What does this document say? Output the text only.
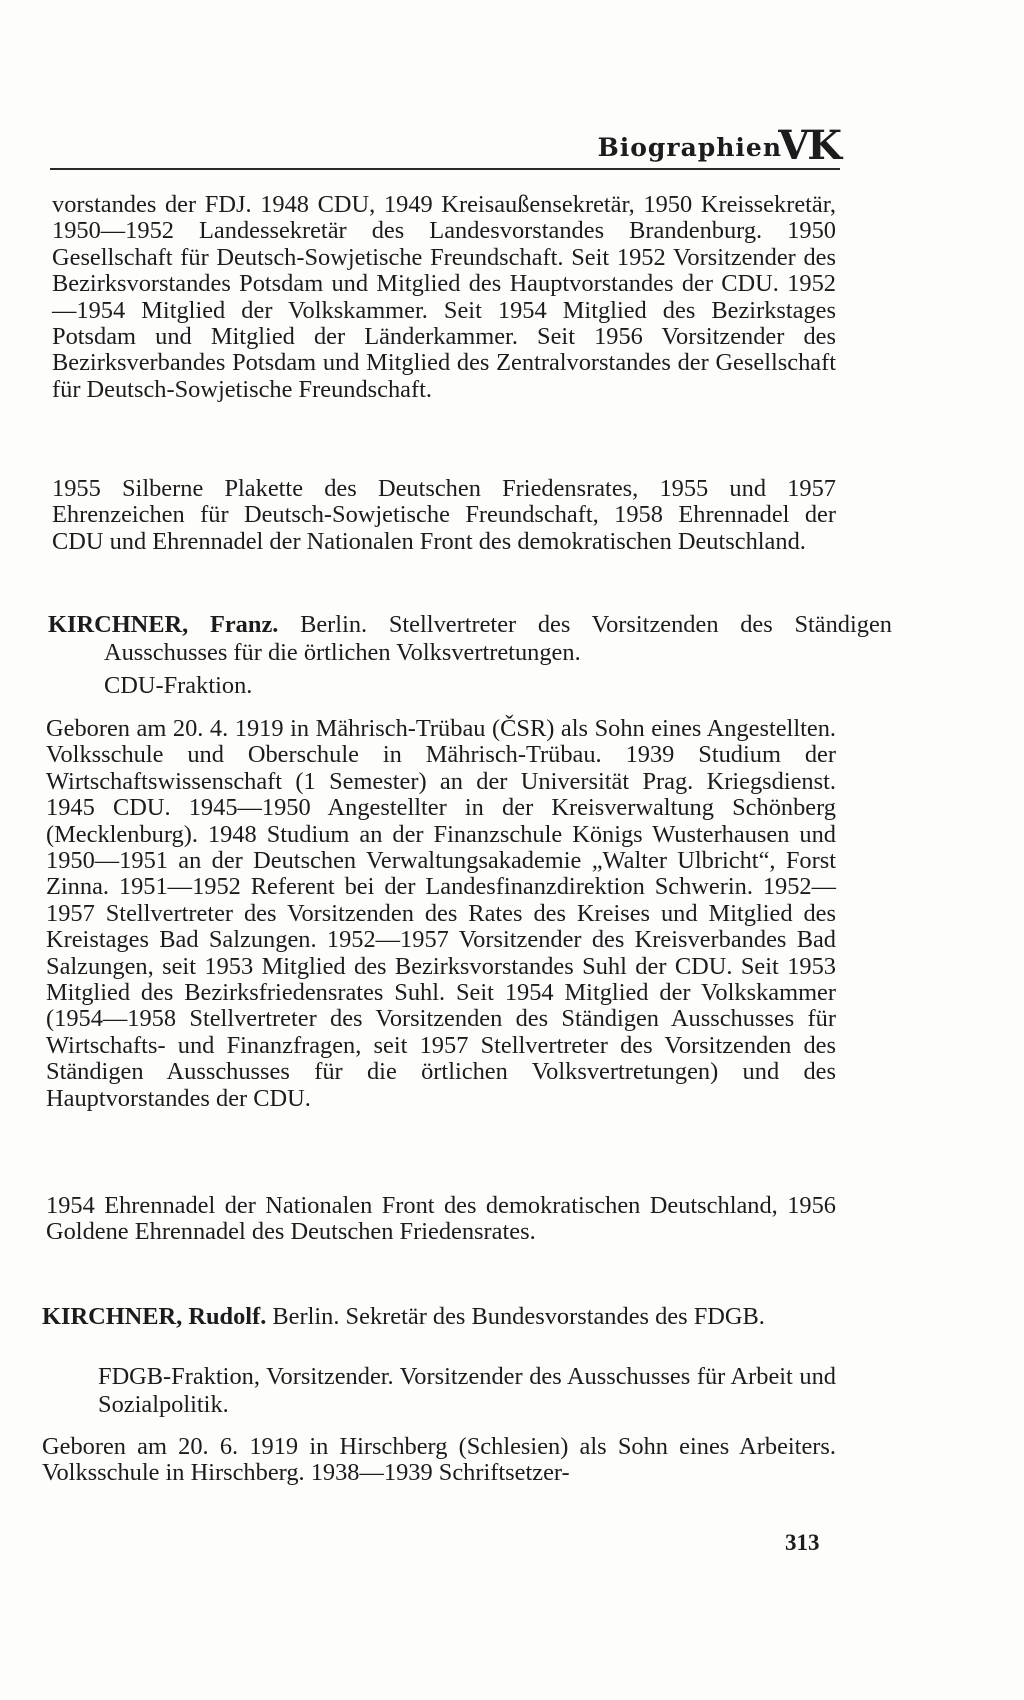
Biographien
VK

vorstandes der FDJ. 1948 CDU, 1949 Kreisaußensekretär, 1950 Kreissekretär, 1950—1952 Landessekretär des Landesvorstandes Brandenburg. 1950 Gesellschaft für Deutsch-Sowjetische Freundschaft. Seit 1952 Vorsitzender des Bezirksvorstandes Potsdam und Mitglied des Hauptvorstandes der CDU. 1952—1954 Mitglied der Volkskammer. Seit 1954 Mitglied des Bezirkstages Potsdam und Mitglied der Länderkammer. Seit 1956 Vorsitzender des Bezirksverbandes Potsdam und Mitglied des Zentralvorstandes der Gesellschaft für Deutsch-Sowjetische Freundschaft.

1955 Silberne Plakette des Deutschen Friedensrates, 1955 und 1957 Ehrenzeichen für Deutsch-Sowjetische Freundschaft, 1958 Ehrennadel der CDU und Ehrennadel der Nationalen Front des demokratischen Deutschland.

KIRCHNER, Franz. Berlin. Stellvertreter des Vorsitzenden des Ständigen Ausschusses für die örtlichen Volksvertretungen.

CDU-Fraktion.

Geboren am 20. 4. 1919 in Mährisch-Trübau (ČSR) als Sohn eines Angestellten. Volksschule und Oberschule in Mährisch-Trübau. 1939 Studium der Wirtschaftswissenschaft (1 Semester) an der Universität Prag. Kriegsdienst. 1945 CDU. 1945—1950 Angestellter in der Kreisverwaltung Schönberg (Mecklenburg). 1948 Studium an der Finanzschule Königs Wusterhausen und 1950—1951 an der Deutschen Verwaltungsakademie „Walter Ulbricht“, Forst Zinna. 1951—1952 Referent bei der Landesfinanzdirektion Schwerin. 1952—1957 Stellvertreter des Vorsitzenden des Rates des Kreises und Mitglied des Kreistages Bad Salzungen. 1952—1957 Vorsitzender des Kreisverbandes Bad Salzungen, seit 1953 Mitglied des Bezirksvorstandes Suhl der CDU. Seit 1953 Mitglied des Bezirksfriedensrates Suhl. Seit 1954 Mitglied der Volkskammer (1954—1958 Stellvertreter des Vorsitzenden des Ständigen Ausschusses für Wirtschafts- und Finanzfragen, seit 1957 Stellvertreter des Vorsitzenden des Ständigen Ausschusses für die örtlichen Volksvertretungen) und des Hauptvorstandes der CDU.

1954 Ehrennadel der Nationalen Front des demokratischen Deutschland, 1956 Goldene Ehrennadel des Deutschen Friedensrates.

KIRCHNER, Rudolf. Berlin. Sekretär des Bundesvorstandes des FDGB.

FDGB-Fraktion, Vorsitzender. Vorsitzender des Ausschusses für Arbeit und Sozialpolitik.

Geboren am 20. 6. 1919 in Hirschberg (Schlesien) als Sohn eines Arbeiters. Volksschule in Hirschberg. 1938—1939 Schriftsetzer-

313
